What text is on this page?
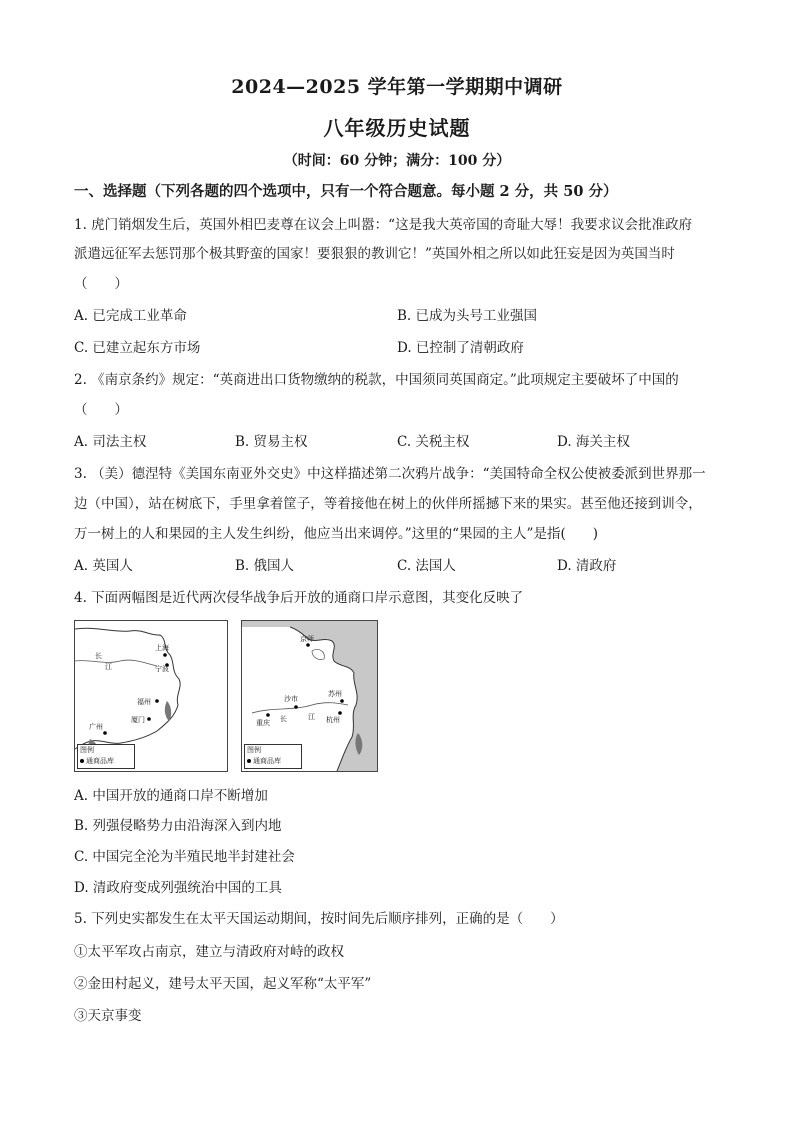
2024—2025 学年第一学期期中调研
八年级历史试题
（时间：60 分钟；满分：100 分）
一、选择题（下列各题的四个选项中，只有一个符合题意。每小题 2 分，共 50 分）
1. 虎门销烟发生后，英国外相巴麦尊在议会上叫嚣：“这是我大英帝国的奇耻大辱！我要求议会批准政府
派遣远征军去惩罚那个极其野蛮的国家！要狠狠的教训它！”英国外相之所以如此狂妄是因为英国当时
（　　）
A. 已完成工业革命	B. 已成为头号工业强国
C. 已建立起东方市场	D. 已控制了清朝政府
2. 《南京条约》规定：“英商进出口货物缴纳的税款，中国须同英国商定。”此项规定主要破坏了中国的
（　　）
A. 司法主权	B. 贸易主权	C. 关税主权	D. 海关主权
3. （美）德涅特《美国东南亚外交史》中这样描述第二次鸦片战争：“美国特命全权公使被委派到世界那一
边（中国），站在树底下，手里拿着筐子，等着接他在树上的伙伴所摇撼下来的果实。甚至他还接到训令，
万一树上的人和果园的主人发生纠纷，他应当出来调停。”这里的“果园的主人”是指(　　)
A. 英国人	B. 俄国人	C. 法国人	D. 清政府
4. 下面两幅图是近代两次侵华战争后开放的通商口岸示意图，其变化反映了
长
江
上海
宁波
福州
厦门
广州
图例
通商品库
京师
沙市
苏州
重庆 长	江 杭州
图例
通商品库
A. 中国开放的通商口岸不断增加
B. 列强侵略势力由沿海深入到内地
C. 中国完全沦为半殖民地半封建社会
D. 清政府变成列强统治中国的工具
5. 下列史实都发生在太平天国运动期间，按时间先后顺序排列，正确的是（　　）
①太平军攻占南京，建立与清政府对峙的政权
②金田村起义，建号太平天国，起义军称“太平军”
③天京事变
